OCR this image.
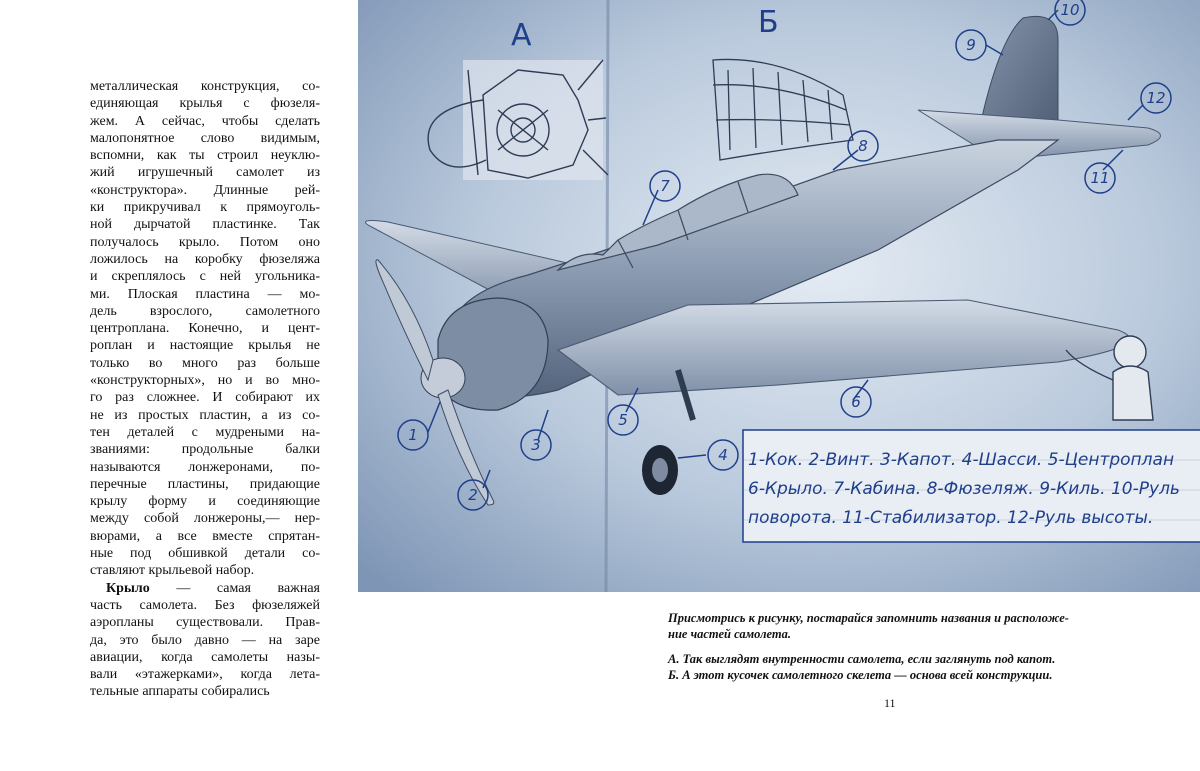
металлическая конструкция, со-
единяющая крылья с фюзеля-
жем. А сейчас, чтобы сделать
малопонятное слово видимым,
вспомни, как ты строил неуклю-
жий игрушечный самолет из
«конструктора». Длинные рей-
ки прикручивал к прямоуголь-
ной дырчатой пластинке. Так
получалось крыло. Потом оно
ложилось на коробку фюзеляжа
и скреплялось с ней угольника-
ми. Плоская пластина — мо-
дель взрослого, самолетного
центроплана. Конечно, и цент-
роплан и настоящие крылья не
только во много раз больше
«конструкторных», но и во мно-
го раз сложнее. И собирают их
не из простых пластин, а из со-
тен деталей с мудреными на-
званиями: продольные балки
называются лонжеронами, по-
перечные пластины, придающие
крылу форму и соединяющие
между собой лонжероны,— нер-
вюрами, а все вместе спрятан-
ные под обшивкой детали со-
ставляют крыльевой набор.

Крыло — самая важная
часть самолета. Без фюзеляжей
аэропланы существовали. Прав-
да, это было давно — на заре
авиации, когда самолеты назы-
вали «этажерками», когда лета-
тельные аппараты собирались

А	Б
1
2
3
4
5
6
7
8
9
10
11
12
1-Кок. 2-Винт. 3-Капот. 4-Шасси. 5-Центроплан
6-Крыло. 7-Кабина. 8-Фюзеляж. 9-Киль. 10-Руль
поворота. 11-Стабилизатор. 12-Руль высоты.

Присмотрись к рисунку, постарайся запомнить названия и расположе-
ние частей самолета.

А. Так выглядят внутренности самолета, если заглянуть под капот.
Б. А этот кусочек самолетного скелета — основа всей конструкции.

11
